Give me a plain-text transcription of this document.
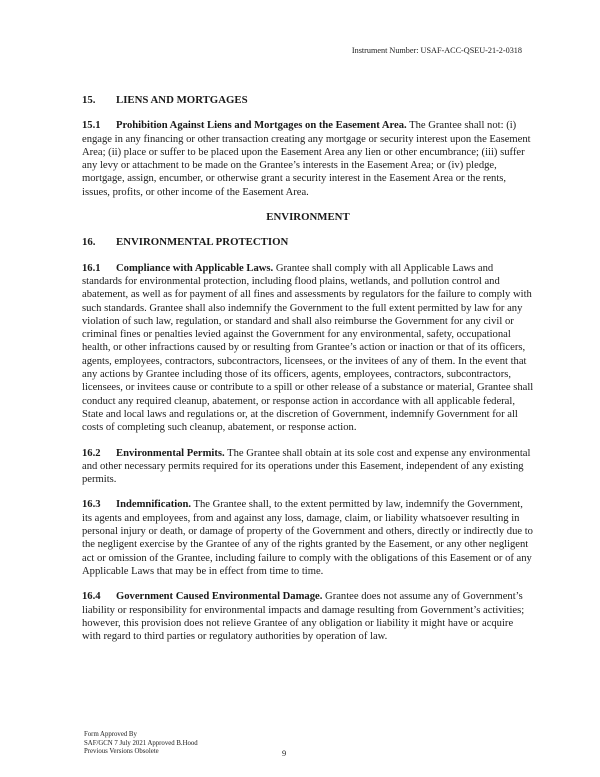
Instrument Number: USAF-ACC-QSEU-21-2-0318
15. LIENS AND MORTGAGES
15.1 Prohibition Against Liens and Mortgages on the Easement Area. The Grantee shall not: (i) engage in any financing or other transaction creating any mortgage or security interest upon the Easement Area; (ii) place or suffer to be placed upon the Easement Area any lien or other encumbrance; (iii) suffer any levy or attachment to be made on the Grantee’s interests in the Easement Area; or (iv) pledge, mortgage, assign, encumber, or otherwise grant a security interest in the Easement Area or the rents, issues, profits, or other income of the Easement Area.
ENVIRONMENT
16. ENVIRONMENTAL PROTECTION
16.1 Compliance with Applicable Laws. Grantee shall comply with all Applicable Laws and standards for environmental protection, including flood plains, wetlands, and pollution control and abatement, as well as for payment of all fines and assessments by regulators for the failure to comply with such standards. Grantee shall also indemnify the Government to the full extent permitted by law for any violation of such law, regulation, or standard and shall also reimburse the Government for any civil or criminal fines or penalties levied against the Government for any environmental, safety, occupational health, or other infractions caused by or resulting from Grantee’s action or inaction or that of its officers, agents, employees, contractors, subcontractors, licensees, or the invitees of any of them. In the event that any actions by Grantee including those of its officers, agents, employees, contractors, subcontractors, licensees, or invitees cause or contribute to a spill or other release of a substance or material, Grantee shall conduct any required cleanup, abatement, or response action in accordance with all applicable federal, State and local laws and regulations or, at the discretion of Government, indemnify Government for all costs of completing such cleanup, abatement, or response action.
16.2 Environmental Permits. The Grantee shall obtain at its sole cost and expense any environmental and other necessary permits required for its operations under this Easement, independent of any existing permits.
16.3 Indemnification. The Grantee shall, to the extent permitted by law, indemnify the Government, its agents and employees, from and against any loss, damage, claim, or liability whatsoever resulting in personal injury or death, or damage of property of the Government and others, directly or indirectly due to the negligent exercise by the Grantee of any of the rights granted by the Easement, or any other negligent act or omission of the Grantee, including failure to comply with the obligations of this Easement or of any Applicable Laws that may be in effect from time to time.
16.4 Government Caused Environmental Damage. Grantee does not assume any of Government’s liability or responsibility for environmental impacts and damage resulting from Government’s activities; however, this provision does not relieve Grantee of any obligation or liability it might have or acquire with regard to third parties or regulatory authorities by operation of law.
Form Approved By
SAF/GCN 7 July 2021 Approved B.Hood
Previous Versions Obsolete	9
